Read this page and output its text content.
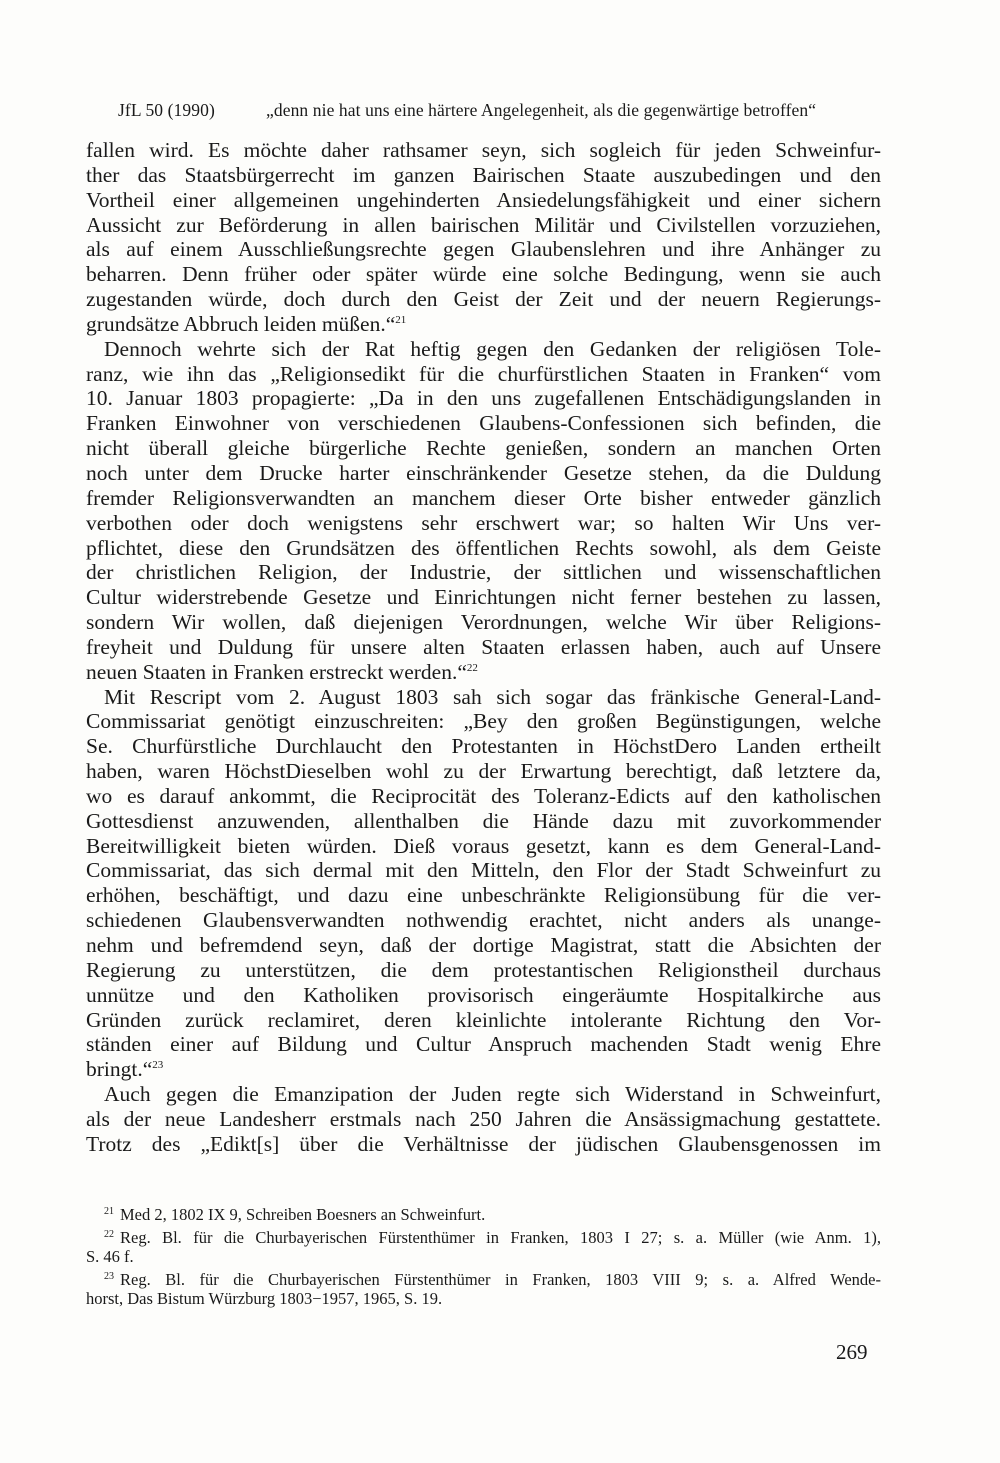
JfL 50 (1990)	„denn nie hat uns eine härtere Angelegenheit, als die gegenwärtige betroffen“
fallen wird. Es möchte daher rathsamer seyn, sich sogleich für jeden Schweinfur-
ther das Staatsbürgerrecht im ganzen Bairischen Staate auszubedingen und den
Vortheil einer allgemeinen ungehinderten Ansiedelungsfähigkeit und einer sichern
Aussicht zur Beförderung in allen bairischen Militär und Civilstellen vorzuziehen,
als auf einem Ausschließungsrechte gegen Glaubenslehren und ihre Anhänger zu
beharren. Denn früher oder später würde eine solche Bedingung, wenn sie auch
zugestanden würde, doch durch den Geist der Zeit und der neuern Regierungs-
grundsätze Abbruch leiden müßen.“$^{21}$
Dennoch wehrte sich der Rat heftig gegen den Gedanken der religiösen Tole-
ranz, wie ihn das „Religionsedikt für die churfürstlichen Staaten in Franken“ vom
10. Januar 1803 propagierte: „Da in den uns zugefallenen Entschädigungslanden in
Franken Einwohner von verschiedenen Glaubens-Confessionen sich befinden, die
nicht überall gleiche bürgerliche Rechte genießen, sondern an manchen Orten
noch unter dem Drucke harter einschränkender Gesetze stehen, da die Duldung
fremder Religionsverwandten an manchem dieser Orte bisher entweder gänzlich
verbothen oder doch wenigstens sehr erschwert war; so halten Wir Uns ver-
pflichtet, diese den Grundsätzen des öffentlichen Rechts sowohl, als dem Geiste
der christlichen Religion, der Industrie, der sittlichen und wissenschaftlichen
Cultur widerstrebende Gesetze und Einrichtungen nicht ferner bestehen zu lassen,
sondern Wir wollen, daß diejenigen Verordnungen, welche Wir über Religions-
freyheit und Duldung für unsere alten Staaten erlassen haben, auch auf Unsere
neuen Staaten in Franken erstreckt werden.“$^{22}$
Mit Rescript vom 2. August 1803 sah sich sogar das fränkische General-Land-
Commissariat genötigt einzuschreiten: „Bey den großen Begünstigungen, welche
Se. Churfürstliche Durchlaucht den Protestanten in HöchstDero Landen ertheilt
haben, waren HöchstDieselben wohl zu der Erwartung berechtigt, daß letztere da,
wo es darauf ankommt, die Reciprocität des Toleranz-Edicts auf den katholischen
Gottesdienst anzuwenden, allenthalben die Hände dazu mit zuvorkommender
Bereitwilligkeit bieten würden. Dieß voraus gesetzt, kann es dem General-Land-
Commissariat, das sich dermal mit den Mitteln, den Flor der Stadt Schweinfurt zu
erhöhen, beschäftigt, und dazu eine unbeschränkte Religionsübung für die ver-
schiedenen Glaubensverwandten nothwendig erachtet, nicht anders als unange-
nehm und befremdend seyn, daß der dortige Magistrat, statt die Absichten der
Regierung zu unterstützen, die dem protestantischen Religionstheil durchaus
unnütze und den Katholiken provisorisch eingeräumte Hospitalkirche aus
Gründen zurück reclamiret, deren kleinlichte intolerante Richtung den Vor-
ständen einer auf Bildung und Cultur Anspruch machenden Stadt wenig Ehre
bringt.“$^{23}$
Auch gegen die Emanzipation der Juden regte sich Widerstand in Schweinfurt,
als der neue Landesherr erstmals nach 250 Jahren die Ansässigmachung gestattete.
Trotz des „Edikt[s] über die Verhältnisse der jüdischen Glaubensgenossen im
$^{21}$ Med 2, 1802 IX 9, Schreiben Boesners an Schweinfurt.
$^{22}$ Reg. Bl. für die Churbayerischen Fürstenthümer in Franken, 1803 I 27; s. a. Müller (wie Anm. 1),
S. 46 f.
$^{23}$ Reg. Bl. für die Churbayerischen Fürstenthümer in Franken, 1803 VIII 9; s. a. Alfred Wende-
horst, Das Bistum Würzburg 1803−1957, 1965, S. 19.
269
